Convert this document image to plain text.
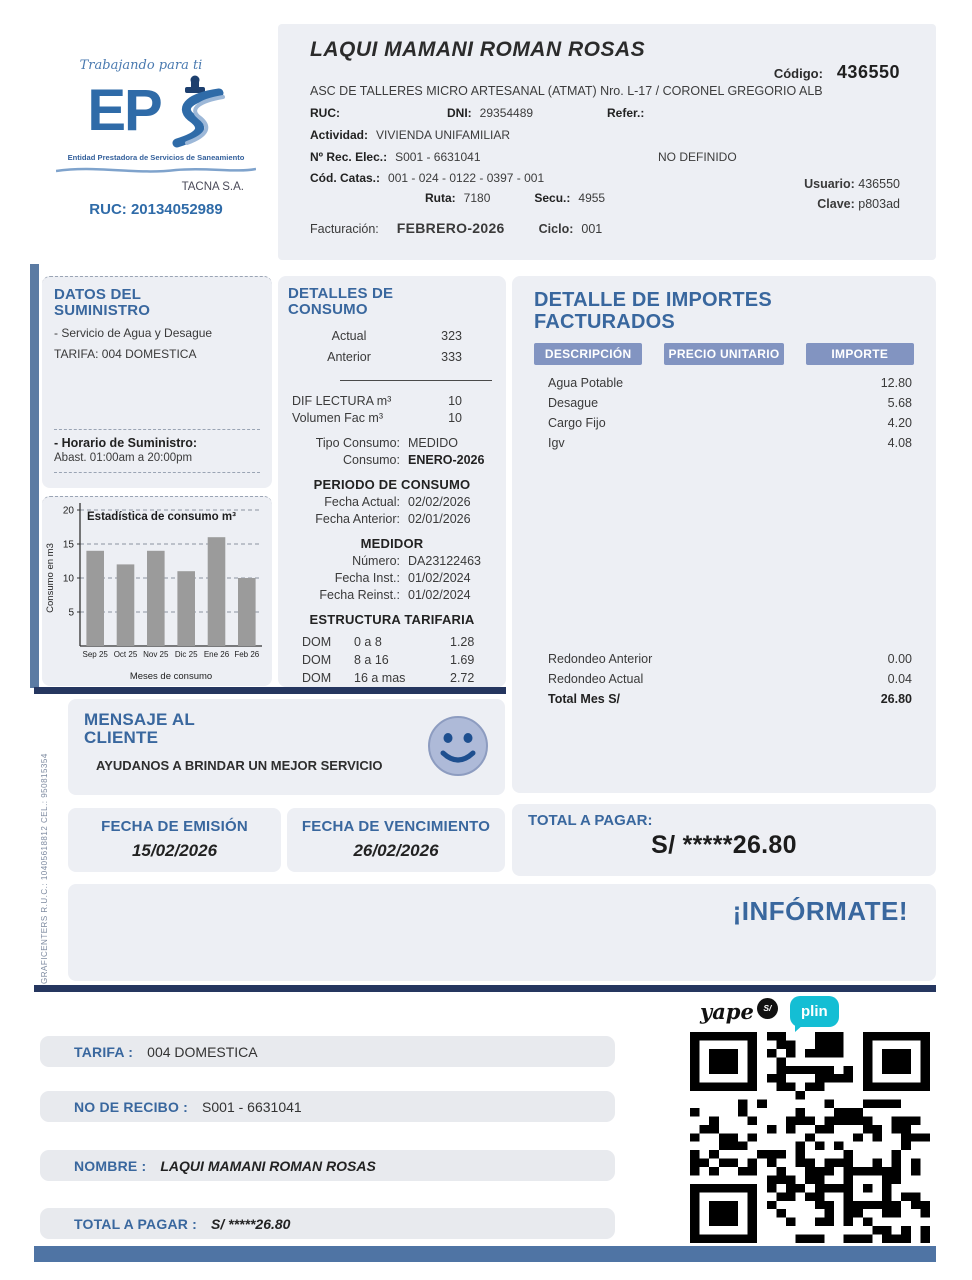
Trabajando para ti
EP
Entidad Prestadora de Servicios de Saneamiento
TACNA S.A.
RUC: 20134052989
LAQUI MAMANI ROMAN ROSAS
Código: 436550
ASC DE TALLERES MICRO ARTESANAL (ATMAT) Nro. L-17 / CORONEL GREGORIO ALB
RUC:	DNI: 29354489	Refer.:
Actividad: VIVIENDA UNIFAMILIAR
Nº Rec. Elec.: S001 - 6631041	NO DEFINIDO
Cód. Catas.: 001 - 024 - 0122 - 0397 - 001
Ruta: 7180	Secu.: 4955
Usuario: 436550
Clave: p803ad
Facturación: FEBRERO-2026	Ciclo: 001
DATOS DEL SUMINISTRO
- Servicio de Agua y Desague
TARIFA: 004 DOMESTICA
- Horario de Suministro:
Abast. 01:00am a 20:00pm
5
10
15
20
Sep 25 Oct 25 Nov 25 Dic 25 Ene 26 Feb 26
Estadística de consumo m³
Meses de consumo
Consumo en m3
DETALLES DE CONSUMO
Actual	323
Anterior	333
DIF LECTURA m³	10
Volumen Fac m³	10
Tipo Consumo: MEDIDO
Consumo: ENERO-2026
PERIODO DE CONSUMO
Fecha Actual: 02/02/2026
Fecha Anterior: 02/01/2026
MEDIDOR
Número: DA23122463
Fecha Inst.: 01/02/2024
Fecha Reinst.: 01/02/2024
ESTRUCTURA TARIFARIA
DOM	0 a 8	1.28
DOM	8 a 16	1.69
DOM	16 a mas	2.72
DETALLE DE IMPORTES FACTURADOS
DESCRIPCIÓN	PRECIO UNITARIO	IMPORTE
Agua Potable	12.80
Desague	5.68
Cargo Fijo	4.20
Igv	4.08
Redondeo Anterior	0.00
Redondeo Actual	0.04
Total Mes S/	26.80
MENSAJE AL CLIENTE
AYUDANOS A BRINDAR UN MEJOR SERVICIO
GRAFICENTERS R.U.C.: 10405618812 CEL.: 950815354	FECHA DE EMISIÓN
15/02/2026
FECHA DE VENCIMIENTO
26/02/2026
TOTAL A PAGAR:
S/ *****26.80
¡INFÓRMATE!
yape	S/	plin
TARIFA : 004 DOMESTICA
NO DE RECIBO : S001 - 6631041
NOMBRE : LAQUI MAMANI ROMAN ROSAS
TOTAL A PAGAR : S/ *****26.80
